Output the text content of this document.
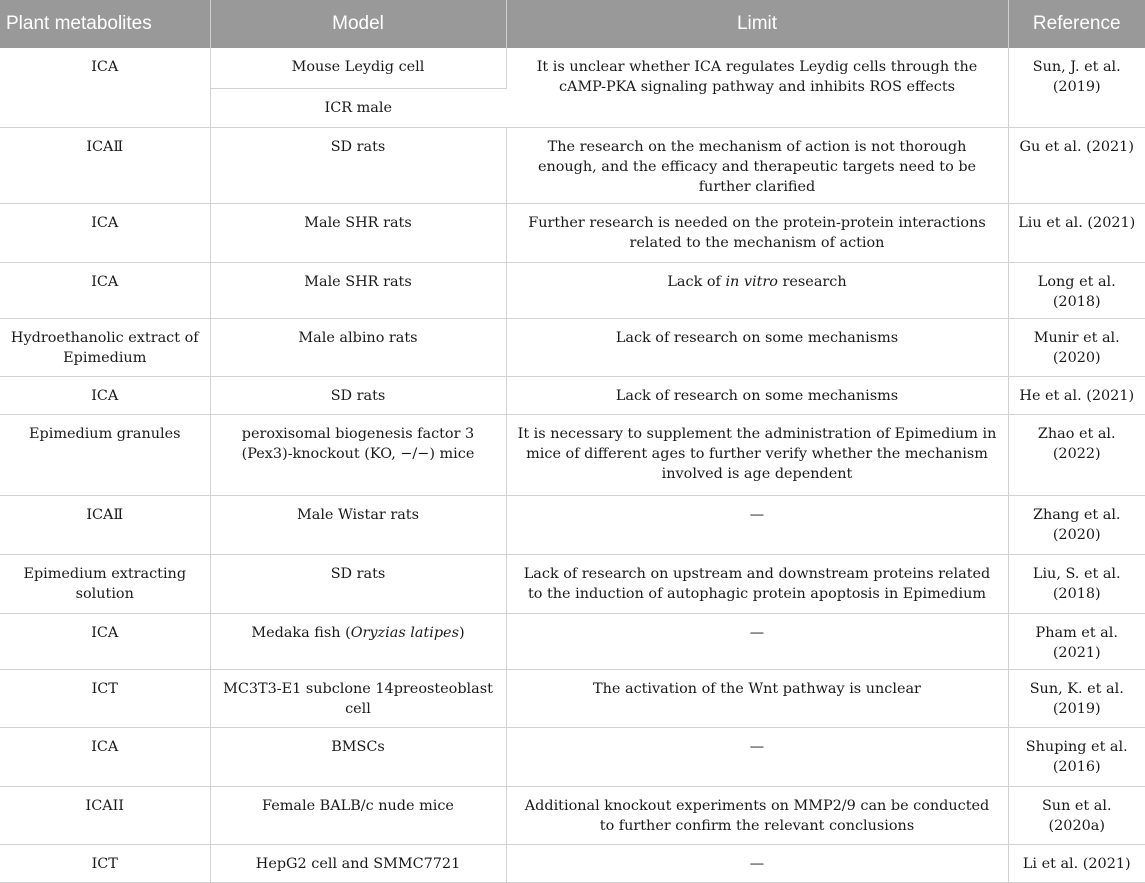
Plant metabolites	Model	Limit	Reference
ICA	Mouse Leydig cell	It is unclear whether ICA regulates Leydig cells through the cAMP-PKA signaling pathway and inhibits ROS effects	Sun, J. et al. (2019)
	ICR male		
ICAⅡ	SD rats	The research on the mechanism of action is not thorough enough, and the efficacy and therapeutic targets need to be further clarified	Gu et al. (2021)
ICA	Male SHR rats	Further research is needed on the protein-protein interactions related to the mechanism of action	Liu et al. (2021)
ICA	Male SHR rats	Lack of in vitro research	Long et al. (2018)
Hydroethanolic extract of Epimedium	Male albino rats	Lack of research on some mechanisms	Munir et al. (2020)
ICA	SD rats	Lack of research on some mechanisms	He et al. (2021)
Epimedium granules	peroxisomal biogenesis factor 3 (Pex3)-knockout (KO, −/−) mice	It is necessary to supplement the administration of Epimedium in mice of different ages to further verify whether the mechanism involved is age dependent	Zhao et al. (2022)
ICAⅡ	Male Wistar rats	—	Zhang et al. (2020)
Epimedium extracting solution	SD rats	Lack of research on upstream and downstream proteins related to the induction of autophagic protein apoptosis in Epimedium	Liu, S. et al. (2018)
ICA	Medaka fish (Oryzias latipes)	—	Pham et al. (2021)
ICT	MC3T3-E1 subclone 14preosteoblast cell	The activation of the Wnt pathway is unclear	Sun, K. et al. (2019)
ICA	BMSCs	—	Shuping et al. (2016)
ICAII	Female BALB/c nude mice	Additional knockout experiments on MMP2/9 can be conducted to further confirm the relevant conclusions	Sun et al. (2020a)
ICT	HepG2 cell and SMMC7721	—	Li et al. (2021)
